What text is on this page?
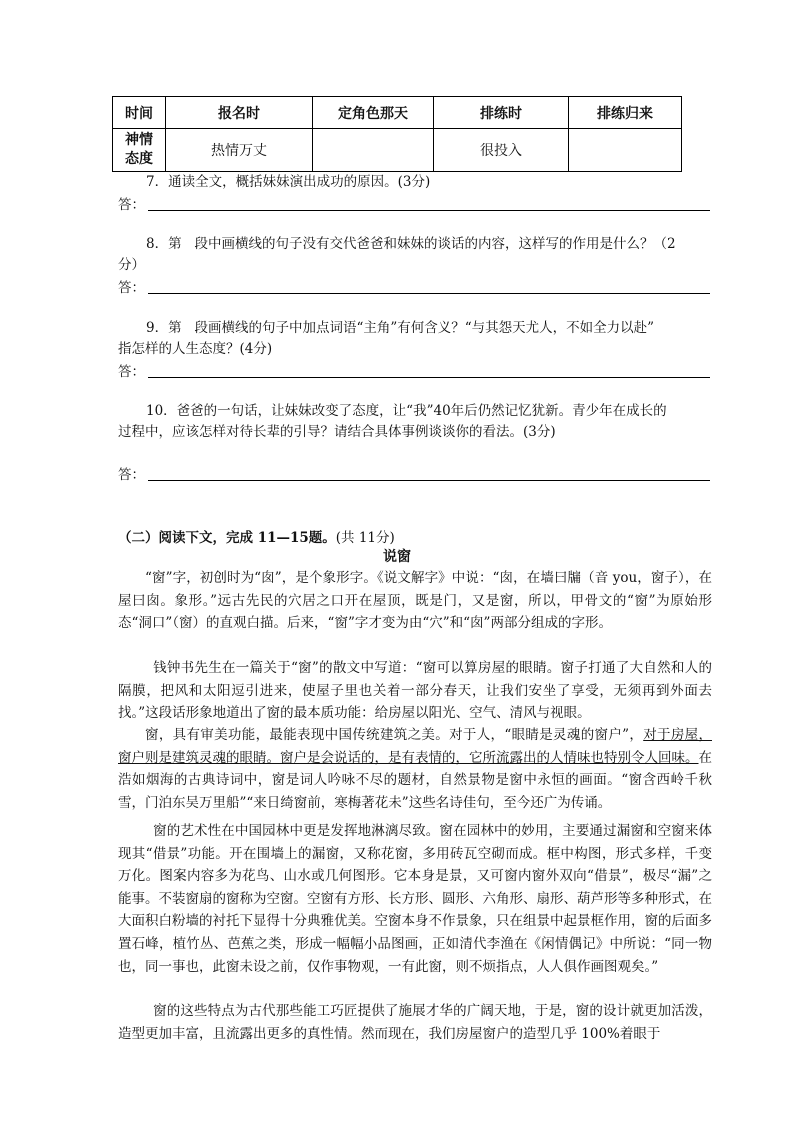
时间	报名时	定角色那天	排练时	排练归来
神情态度	热情万丈		很投入	
7．通读全文，概括妹妹演出成功的原因。(3分)
答：
8．第   段中画横线的句子没有交代爸爸和妹妹的谈话的内容，这样写的作用是什么？（2
分）
答：
9．第   段画横线的句子中加点词语“主角”有何含义？“与其怨天尤人，不如全力以赴”
指怎样的人生态度？(4分)
答：
10．爸爸的一句话，让妹妹改变了态度，让“我”40年后仍然记忆犹新。青少年在成长的
过程中，应该怎样对待长辈的引导？请结合具体事例谈谈你的看法。(3分)
答：
（二）阅读下文，完成 11—15题。(共 11分)
说窗

“窗”字，初创时为“囱”，是个象形字。《说文解字》中说：“囱，在墙曰牖（音 you，窗子），在屋曰囱。象形。”远古先民的穴居之口开在屋顶，既是门，又是窗，所以，甲骨文的“窗”为原始形态“洞口”（窗）的直观白描。后来，“窗”字才变为由“穴”和“囱”两部分组成的字形。

钱钟书先生在一篇关于“窗”的散文中写道：“窗可以算房屋的眼睛。窗子打通了大自然和人的隔膜，把风和太阳逗引进来，使屋子里也关着一部分春天，让我们安坐了享受，无须再到外面去找。”这段话形象地道出了窗的最本质功能：给房屋以阳光、空气、清风与视眼。

窗，具有审美功能，最能表现中国传统建筑之美。对于人，“眼睛是灵魂的窗户”，对于房屋，窗户则是建筑灵魂的眼睛。窗户是会说话的，是有表情的，它所流露出的人情味也特别令人回味。在浩如烟海的古典诗词中，窗是词人吟咏不尽的题材，自然景物是窗中永恒的画面。“窗含西岭千秋雪，门泊东吴万里船”“来日绮窗前，寒梅著花未”这些名诗佳句，至今还广为传诵。

窗的艺术性在中国园林中更是发挥地淋漓尽致。窗在园林中的妙用，主要通过漏窗和空窗来体现其“借景”功能。开在围墙上的漏窗，又称花窗，多用砖瓦空砌而成。框中构图，形式多样，千变万化。图案内容多为花鸟、山水或几何图形。它本身是景，又可窗内窗外双向“借景”，极尽“漏”之能事。不装窗扇的窗称为空窗。空窗有方形、长方形、圆形、六角形、扇形、葫芦形等多种形式，在大面积白粉墙的衬托下显得十分典雅优美。空窗本身不作景象，只在组景中起景框作用，窗的后面多置石峰，植竹丛、芭蕉之类，形成一幅幅小品图画，正如清代李渔在《闲情偶记》中所说：“同一物也，同一事也，此窗未设之前，仅作事物观，一有此窗，则不烦指点，人人俱作画图观矣。”

窗的这些特点为古代那些能工巧匠提供了施展才华的广阔天地，于是，窗的设计就更加活泼，造型更加丰富，且流露出更多的真性情。然而现在，我们房屋窗户的造型几乎 100%着眼于
